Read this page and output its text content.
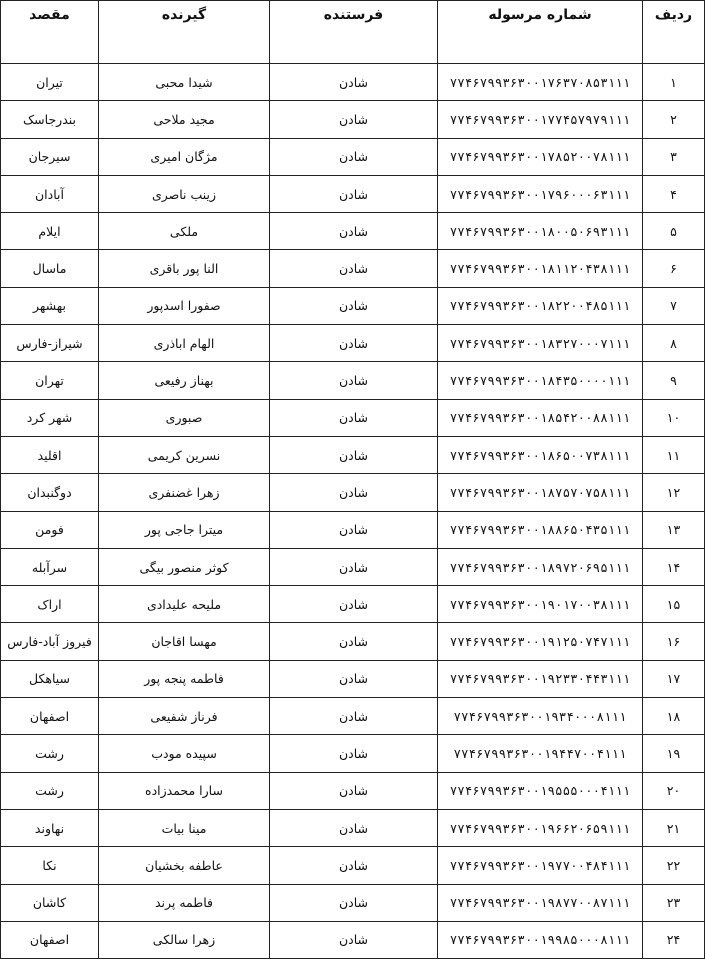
ردیف	شماره مرسوله	فرستنده	گیرنده	مقصد
۱	۷۷۴۶۷۹۹۳۶۳۰۰۱۷۶۳۷۰۸۵۳۱۱۱	شادن	شیدا محبی	تیران
۲	۷۷۴۶۷۹۹۳۶۳۰۰۱۷۷۴۵۷۹۷۹۱۱۱	شادن	مجید ملاحی	بندرجاسک
۳	۷۷۴۶۷۹۹۳۶۳۰۰۱۷۸۵۲۰۰۷۸۱۱۱	شادن	مژگان امیری	سیرجان
۴	۷۷۴۶۷۹۹۳۶۳۰۰۱۷۹۶۰۰۰۶۳۱۱۱	شادن	زینب ناصری	آبادان
۵	۷۷۴۶۷۹۹۳۶۳۰۰۱۸۰۰۵۰۶۹۳۱۱۱	شادن	ملکی	ایلام
۶	۷۷۴۶۷۹۹۳۶۳۰۰۱۸۱۱۲۰۴۳۸۱۱۱	شادن	النا پور باقری	ماسال
۷	۷۷۴۶۷۹۹۳۶۳۰۰۱۸۲۲۰۰۴۸۵۱۱۱	شادن	صفورا اسدپور	بهشهر
۸	۷۷۴۶۷۹۹۳۶۳۰۰۱۸۳۲۷۰۰۰۷۱۱۱	شادن	الهام اباذری	شیراز-فارس
۹	۷۷۴۶۷۹۹۳۶۳۰۰۱۸۴۳۵۰۰۰۰۱۱۱	شادن	بهناز رفیعی	تهران
۱۰	۷۷۴۶۷۹۹۳۶۳۰۰۱۸۵۴۲۰۰۸۸۱۱۱	شادن	صبوری	شهر کرد
۱۱	۷۷۴۶۷۹۹۳۶۳۰۰۱۸۶۵۰۰۷۳۸۱۱۱	شادن	نسرین کریمی	اقلید
۱۲	۷۷۴۶۷۹۹۳۶۳۰۰۱۸۷۵۷۰۷۵۸۱۱۱	شادن	زهرا غضنفری	دوگنبدان
۱۳	۷۷۴۶۷۹۹۳۶۳۰۰۱۸۸۶۵۰۴۳۵۱۱۱	شادن	میترا جاجی پور	فومن
۱۴	۷۷۴۶۷۹۹۳۶۳۰۰۱۸۹۷۲۰۶۹۵۱۱۱	شادن	کوثر منصور بیگی	سرآبله
۱۵	۷۷۴۶۷۹۹۳۶۳۰۰۱۹۰۱۷۰۰۳۸۱۱۱	شادن	ملیحه علیدادی	اراک
۱۶	۷۷۴۶۷۹۹۳۶۳۰۰۱۹۱۲۵۰۷۴۷۱۱۱	شادن	مهسا اقاجان	فیروز آباد-فارس
۱۷	۷۷۴۶۷۹۹۳۶۳۰۰۱۹۲۳۳۰۴۴۳۱۱۱	شادن	فاطمه پنجه پور	سیاهکل
۱۸	۷۷۴۶۷۹۹۳۶۳۰۰۱۹۳۴۰۰۰۸۱۱۱	شادن	فرناز شفیعی	اصفهان
۱۹	۷۷۴۶۷۹۹۳۶۳۰۰۱۹۴۴۷۰۰۴۱۱۱	شادن	سپیده مودب	رشت
۲۰	۷۷۴۶۷۹۹۳۶۳۰۰۱۹۵۵۵۰۰۰۴۱۱۱	شادن	سارا محمدزاده	رشت
۲۱	۷۷۴۶۷۹۹۳۶۳۰۰۱۹۶۶۲۰۶۵۹۱۱۱	شادن	مینا بیات	نهاوند
۲۲	۷۷۴۶۷۹۹۳۶۳۰۰۱۹۷۷۰۰۴۸۴۱۱۱	شادن	عاطفه بخشیان	نکا
۲۳	۷۷۴۶۷۹۹۳۶۳۰۰۱۹۸۷۷۰۰۸۷۱۱۱	شادن	فاطمه پرند	کاشان
۲۴	۷۷۴۶۷۹۹۳۶۳۰۰۱۹۹۸۵۰۰۰۸۱۱۱	شادن	زهرا سالکی	اصفهان
